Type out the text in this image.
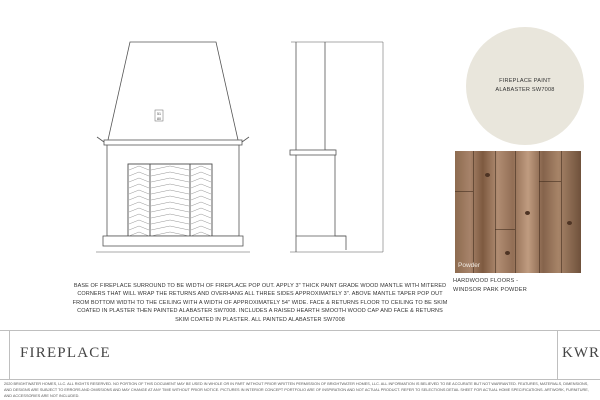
51
80
FIREPLACE PAINT
ALABASTER SW7008
Powder
HARDWOOD FLOORS -
WINDSOR PARK POWDER
BASE OF FIREPLACE SURROUND TO BE WIDTH OF FIREPLACE POP OUT. APPLY 3" THICK PAINT GRADE WOOD MANTLE WITH MITERED CORNERS THAT WILL WRAP THE RETURNS AND OVERHANG ALL THREE SIDES APPROXIMATELY 3". ABOVE MANTLE TAPER POP OUT FROM BOTTOM WIDTH TO THE CEILING WITH A WIDTH OF APPROXIMATELY 54" WIDE. FACE & RETURNS FLOOR TO CEILING TO BE SKIM COATED IN PLASTER THEN PAINTED ALABASTER SW7008. INCLUDES A RAISED HEARTH SMOOTH WOOD CAP AND FACE & RETURNS SKIM COATED IN PLASTER. ALL PAINTED ALABASTER SW7008
FIREPLACE	KWR
2020 BRIGHTWATER HOMES, LLC. ALL RIGHTS RESERVED. NO PORTION OF THIS DOCUMENT MAY BE USED IN WHOLE OR IN PART WITHOUT PRIOR WRITTEN PERMISSION OF BRIGHTWATER HOMES, LLC. ALL INFORMATION IS BELIEVED TO BE ACCURATE BUT NOT WARRANTED. FEATURES, MATERIALS, DIMENSIONS, AND DESIGNS ARE SUBJECT TO ERRORS AND OMISSIONS AND MAY CHANGE AT ANY TIME WITHOUT PRIOR NOTICE. PICTURES IN INTERIOR CONCEPT PORTFOLIO ARE OF INSPIRATION AND NOT ACTUAL PRODUCT. REFER TO SELECTIONS DETAIL SHEET FOR ACTUAL HOME SPECIFICATIONS. ARTWORK, FURNITURE, AND ACCESSORIES ARE NOT INCLUDED.
